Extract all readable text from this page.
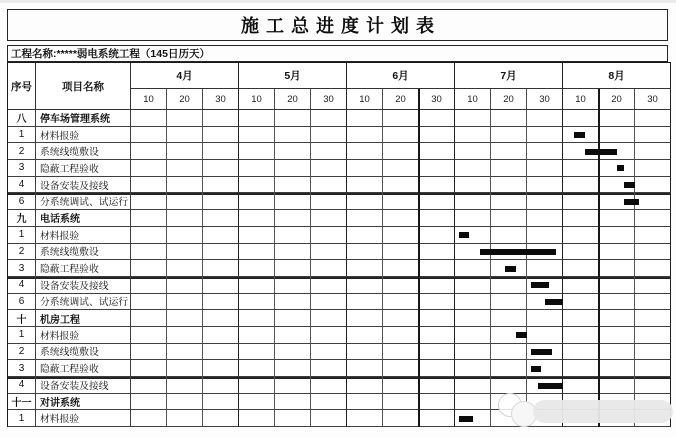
施工总进度计划表
工程名称:*****弱电系统工程（145日历天）
序号	项目名称
4月	5月	6月	7月	8月
10	20	30	10	20	30	10	20	30	10	20	30	10	20	30
八	停车场管理系统
1	材料报验
2	系统线缆敷设
3	隐蔽工程验收
4	设备安装及接线
6	分系统调试、试运行
九	电话系统
1	材料报验
2	系统线缆敷设
3	隐蔽工程验收
4	设备安装及接线
6	分系统调试、试运行
十	机房工程
1	材料报验
2	系统线缆敷设
3	隐蔽工程验收
4	设备安装及接线
十一 对讲系统
1	材料报验
